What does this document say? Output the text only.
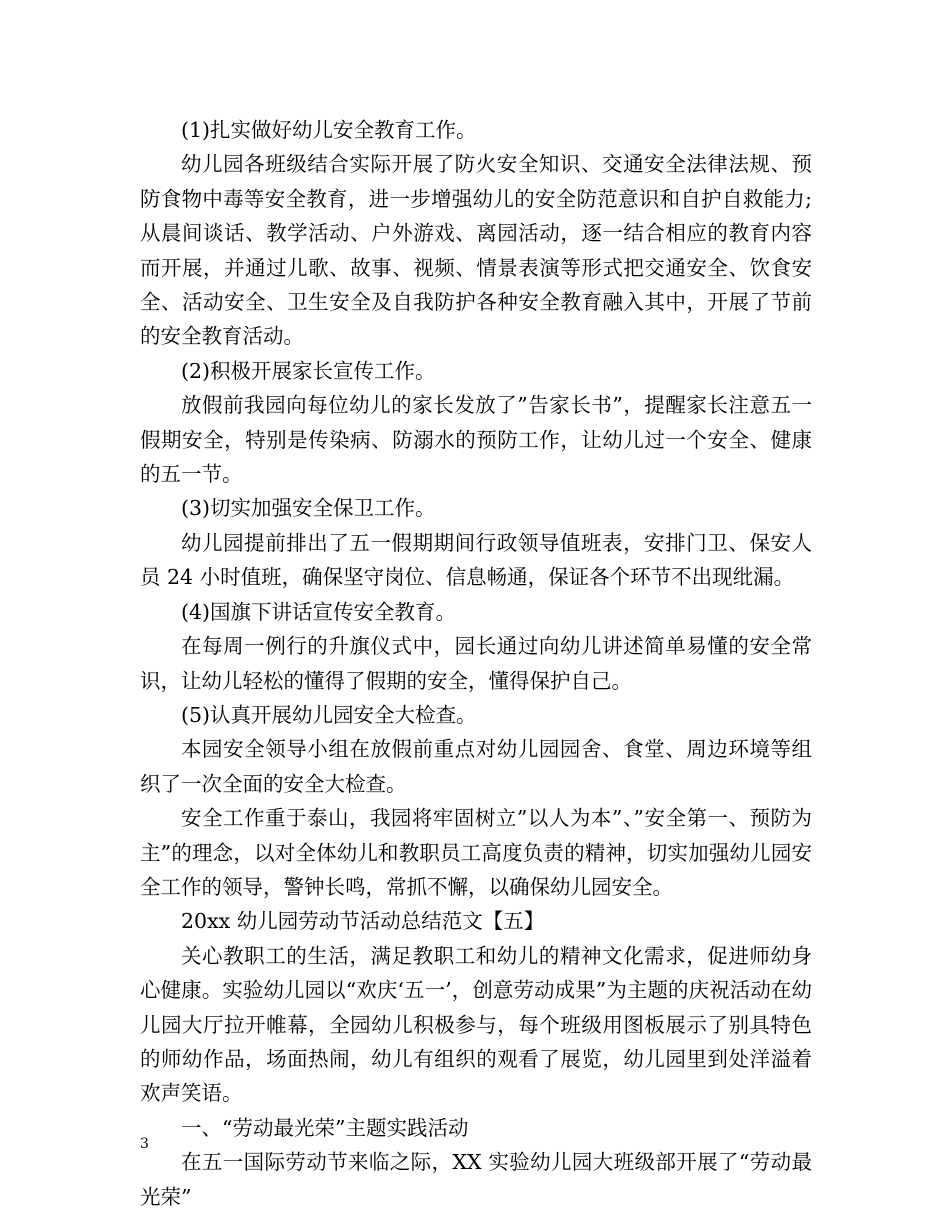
(1)扎实做好幼儿安全教育工作。

幼儿园各班级结合实际开展了防火安全知识、交通安全法律法规、预防食物中毒等安全教育，进一步增强幼儿的安全防范意识和自护自救能力;从晨间谈话、教学活动、户外游戏、离园活动，逐一结合相应的教育内容而开展，并通过儿歌、故事、视频、情景表演等形式把交通安全、饮食安全、活动安全、卫生安全及自我防护各种安全教育融入其中，开展了节前的安全教育活动。

(2)积极开展家长宣传工作。

放假前我园向每位幼儿的家长发放了”告家长书”，提醒家长注意五一假期安全，特别是传染病、防溺水的预防工作，让幼儿过一个安全、健康的五一节。

(3)切实加强安全保卫工作。

幼儿园提前排出了五一假期期间行政领导值班表，安排门卫、保安人员 24 小时值班，确保坚守岗位、信息畅通，保证各个环节不出现纰漏。

(4)国旗下讲话宣传安全教育。

在每周一例行的升旗仪式中，园长通过向幼儿讲述简单易懂的安全常识，让幼儿轻松的懂得了假期的安全，懂得保护自己。

(5)认真开展幼儿园安全大检查。

本园安全领导小组在放假前重点对幼儿园园舍、食堂、周边环境等组织了一次全面的安全大检查。

安全工作重于泰山，我园将牢固树立”以人为本”、”安全第一、预防为主”的理念，以对全体幼儿和教职员工高度负责的精神，切实加强幼儿园安全工作的领导，警钟长鸣，常抓不懈，以确保幼儿园安全。

20xx 幼儿园劳动节活动总结范文【五】

关心教职工的生活，满足教职工和幼儿的精神文化需求，促进师幼身心健康。实验幼儿园以“欢庆‘五一’，创意劳动成果”为主题的庆祝活动在幼儿园大厅拉开帷幕，全园幼儿积极参与，每个班级用图板展示了别具特色的师幼作品，场面热闹，幼儿有组织的观看了展览，幼儿园里到处洋溢着欢声笑语。

一、“劳动最光荣”主题实践活动

在五一国际劳动节来临之际，XX 实验幼儿园大班级部开展了“劳动最光荣”

3
